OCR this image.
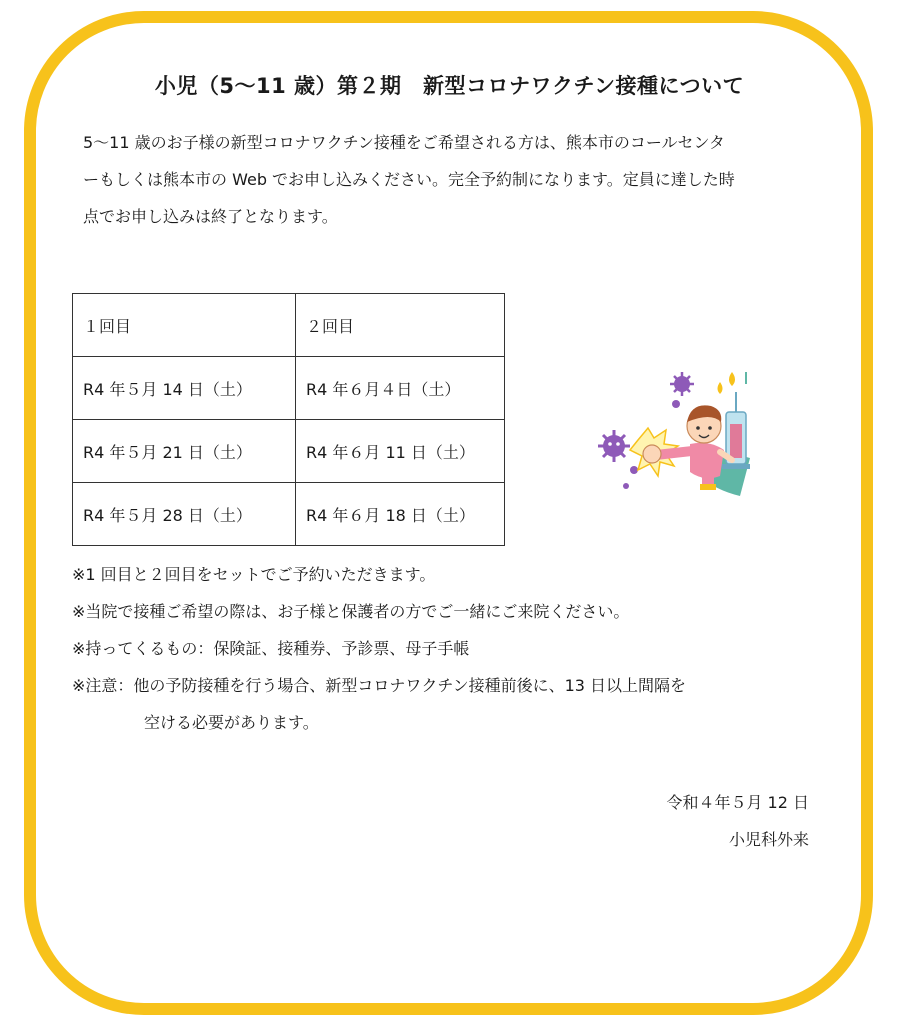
小児（5〜11 歳）第２期　新型コロナワクチン接種について

5〜11 歳のお子様の新型コロナワクチン接種をご希望される方は、熊本市のコールセンタ

ーもしくは熊本市の Web でお申し込みください。完全予約制になります。定員に達した時

点でお申し込みは終了となります。

１回目	２回目
R4 年５月 14 日（土）	R4 年６月４日（土）
R4 年５月 21 日（土）	R4 年６月 11 日（土）
R4 年５月 28 日（土）	R4 年６月 18 日（土）

※1 回目と２回目をセットでご予約いただきます。

※当院で接種ご希望の際は、お子様と保護者の方でご一緒にご来院ください。

※持ってくるもの：保険証、接種券、予診票、母子手帳

※注意：他の予防接種を行う場合、新型コロナワクチン接種前後に、13 日以上間隔を

空ける必要があります。

令和４年５月 12 日

小児科外来
